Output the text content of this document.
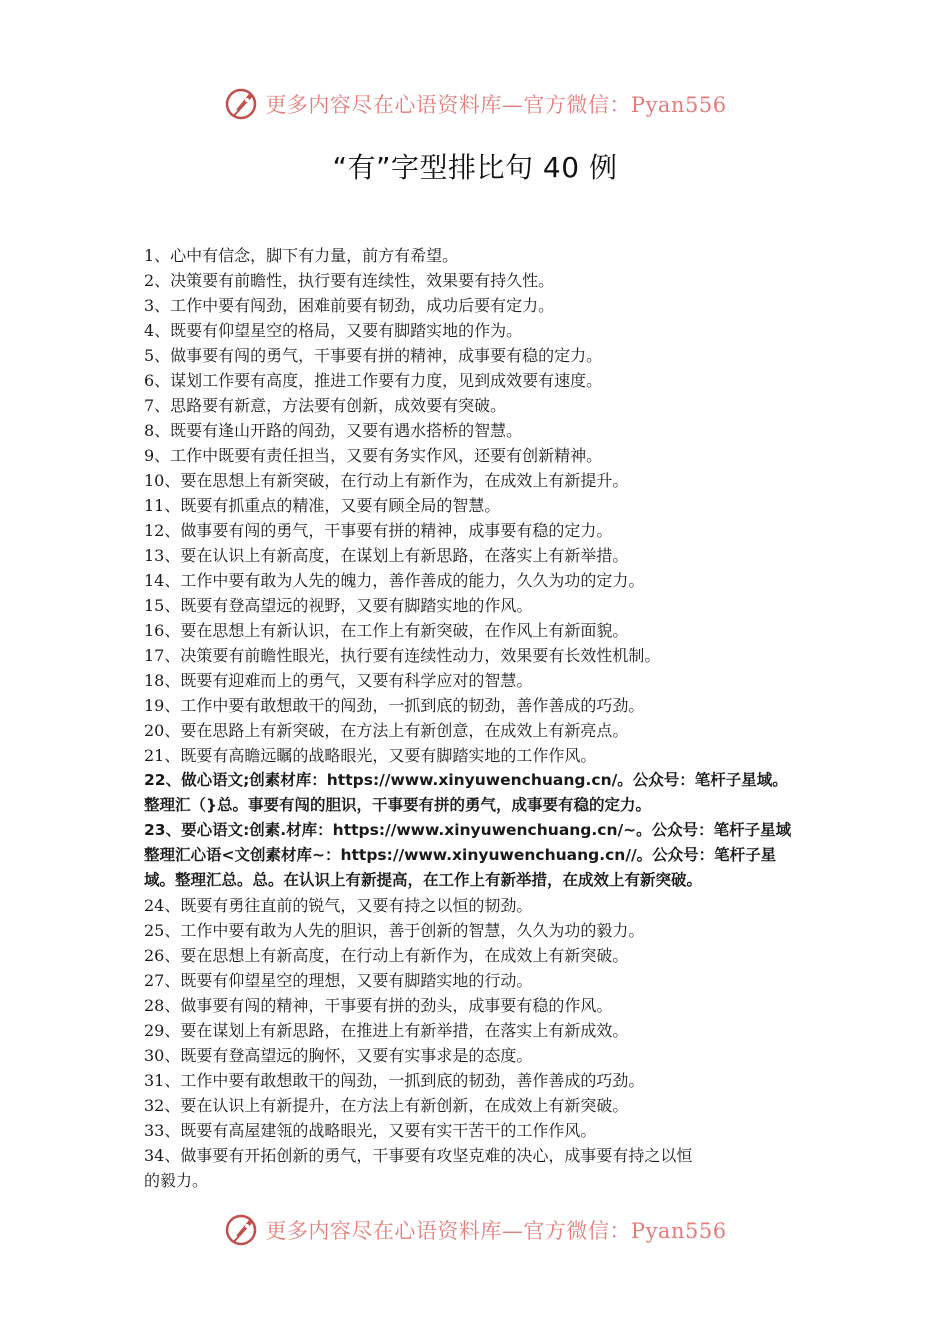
更多内容尽在心语资料库—官方微信：Pyan556
“有”字型排比句 40 例
1、心中有信念，脚下有力量，前方有希望。
2、决策要有前瞻性，执行要有连续性，效果要有持久性。
3、工作中要有闯劲，困难前要有韧劲，成功后要有定力。
4、既要有仰望星空的格局，又要有脚踏实地的作为。
5、做事要有闯的勇气，干事要有拼的精神，成事要有稳的定力。
6、谋划工作要有高度，推进工作要有力度，见到成效要有速度。
7、思路要有新意，方法要有创新，成效要有突破。
8、既要有逢山开路的闯劲，又要有遇水搭桥的智慧。
9、工作中既要有责任担当，又要有务实作风，还要有创新精神。
10、要在思想上有新突破，在行动上有新作为，在成效上有新提升。
11、既要有抓重点的精准，又要有顾全局的智慧。
12、做事要有闯的勇气，干事要有拼的精神，成事要有稳的定力。
13、要在认识上有新高度，在谋划上有新思路，在落实上有新举措。
14、工作中要有敢为人先的魄力，善作善成的能力，久久为功的定力。
15、既要有登高望远的视野，又要有脚踏实地的作风。
16、要在思想上有新认识，在工作上有新突破，在作风上有新面貌。
17、决策要有前瞻性眼光，执行要有连续性动力，效果要有长效性机制。
18、既要有迎难而上的勇气，又要有科学应对的智慧。
19、工作中要有敢想敢干的闯劲，一抓到底的韧劲，善作善成的巧劲。
20、要在思路上有新突破，在方法上有新创意，在成效上有新亮点。
21、既要有高瞻远瞩的战略眼光，又要有脚踏实地的工作作风。
22、做心语文;创素材库：https://www.xinyuwenchuang.cn/。公众号：笔杆子星域。
整理汇（}总。事要有闯的胆识，干事要有拼的勇气，成事要有稳的定力。
23、要心语文:创素.材库：https://www.xinyuwenchuang.cn/~。公众号：笔杆子星域
整理汇心语<文创素材库~：https://www.xinyuwenchuang.cn//。公众号：笔杆子星
域。整理汇总。总。在认识上有新提高，在工作上有新举措，在成效上有新突破。
24、既要有勇往直前的锐气，又要有持之以恒的韧劲。
25、工作中要有敢为人先的胆识，善于创新的智慧，久久为功的毅力。
26、要在思想上有新高度，在行动上有新作为，在成效上有新突破。
27、既要有仰望星空的理想，又要有脚踏实地的行动。
28、做事要有闯的精神，干事要有拼的劲头，成事要有稳的作风。
29、要在谋划上有新思路，在推进上有新举措，在落实上有新成效。
30、既要有登高望远的胸怀，又要有实事求是的态度。
31、工作中要有敢想敢干的闯劲，一抓到底的韧劲，善作善成的巧劲。
32、要在认识上有新提升，在方法上有新创新，在成效上有新突破。
33、既要有高屋建瓴的战略眼光，又要有实干苦干的工作作风。
34、做事要有开拓创新的勇气，干事要有攻坚克难的决心，成事要有持之以恒
的毅力。
更多内容尽在心语资料库—官方微信：Pyan556
